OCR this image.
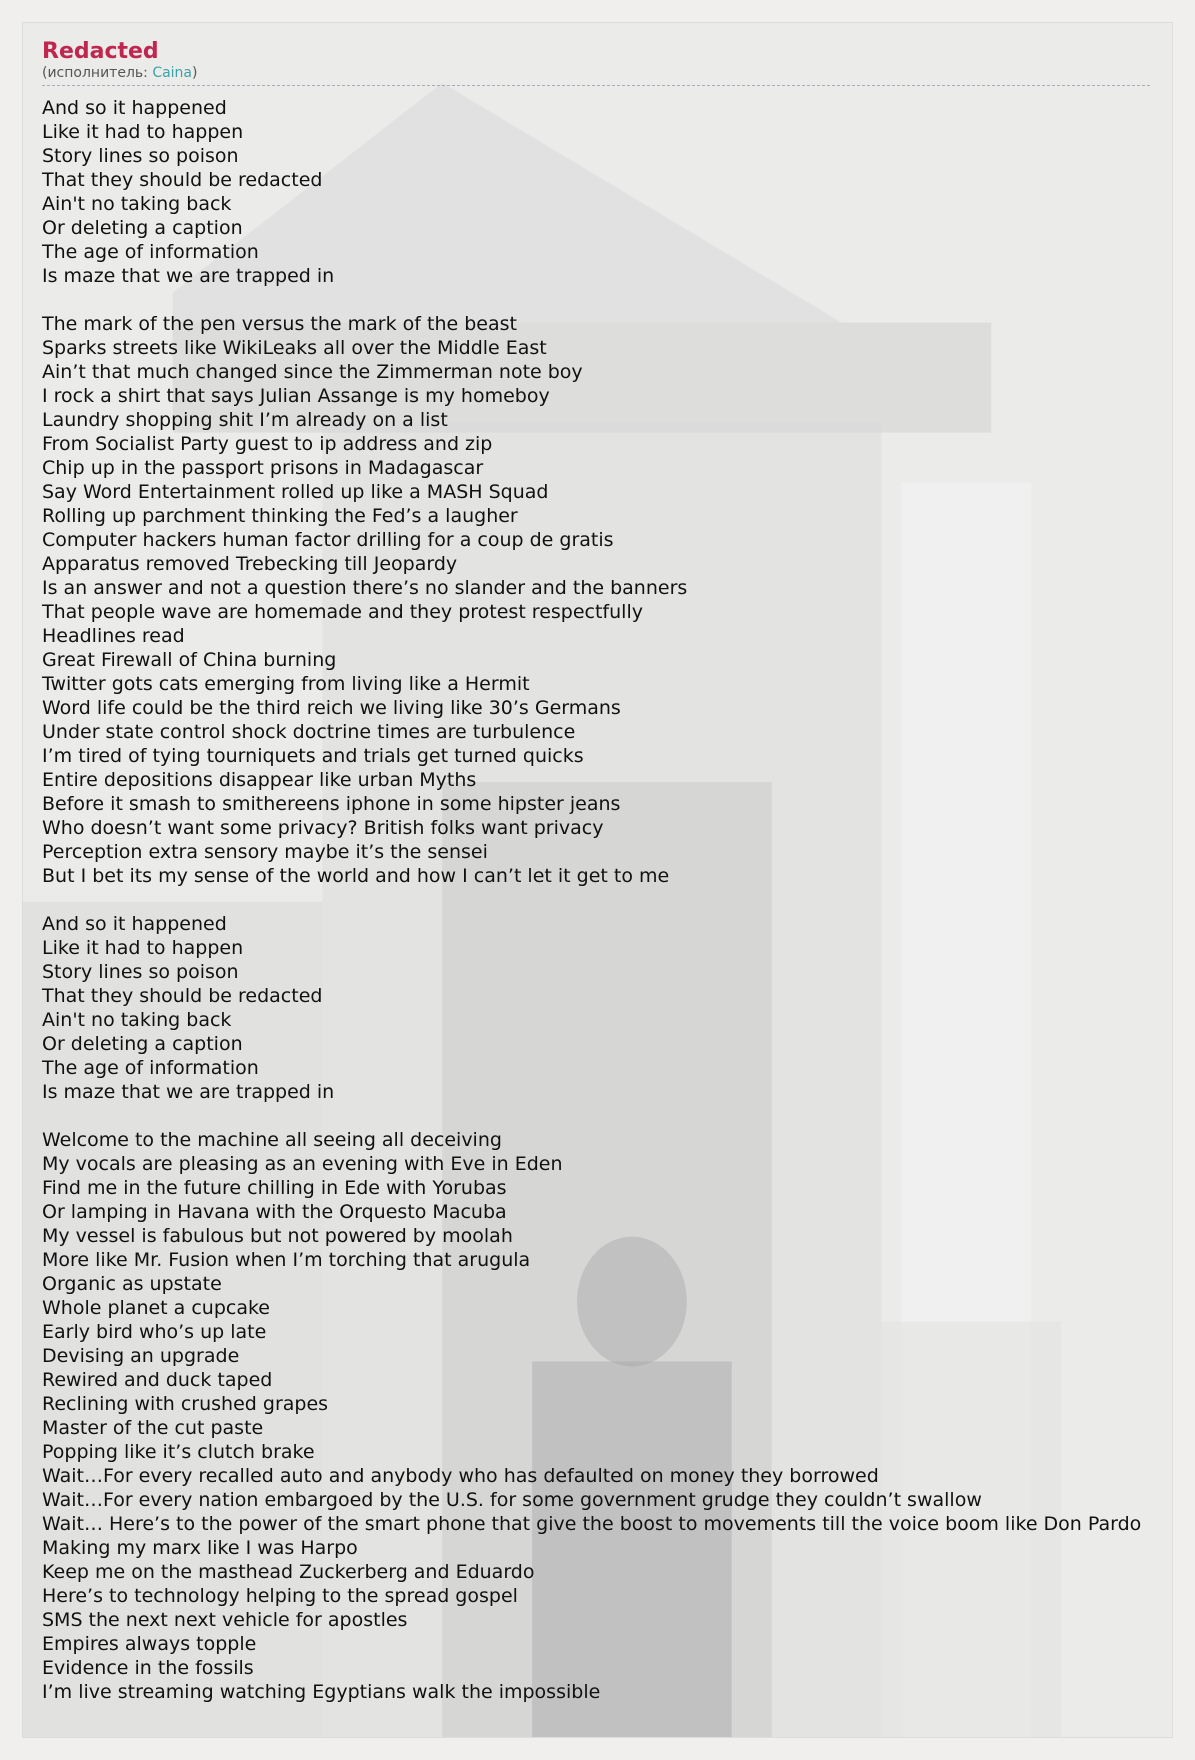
Redacted
(исполнитель: Caina)
And so it happened
Like it had to happen
Story lines so poison
That they should be redacted
Ain't no taking back
Or deleting a caption
The age of information
Is maze that we are trapped in
The mark of the pen versus the mark of the beast
Sparks streets like WikiLeaks all over the Middle East
Ain’t that much changed since the Zimmerman note boy
I rock a shirt that says Julian Assange is my homeboy
Laundry shopping shit I’m already on a list
From Socialist Party guest to ip address and zip
Chip up in the passport prisons in Madagascar
Say Word Entertainment rolled up like a MASH Squad
Rolling up parchment thinking the Fed’s a laugher
Computer hackers human factor drilling for a coup de gratis
Apparatus removed Trebecking till Jeopardy
Is an answer and not a question there’s no slander and the banners
That people wave are homemade and they protest respectfully
Headlines read
Great Firewall of China burning
Twitter gots cats emerging from living like a Hermit
Word life could be the third reich we living like 30’s Germans
Under state control shock doctrine times are turbulence
I’m tired of tying tourniquets and trials get turned quicks
Entire depositions disappear like urban Myths
Before it smash to smithereens iphone in some hipster jeans
Who doesn’t want some privacy? British folks want privacy
Perception extra sensory maybe it’s the sensei
But I bet its my sense of the world and how I can’t let it get to me
And so it happened
Like it had to happen
Story lines so poison
That they should be redacted
Ain't no taking back
Or deleting a caption
The age of information
Is maze that we are trapped in
Welcome to the machine all seeing all deceiving
My vocals are pleasing as an evening with Eve in Eden
Find me in the future chilling in Ede with Yorubas
Or lamping in Havana with the Orquesto Macuba
My vessel is fabulous but not powered by moolah
More like Mr. Fusion when I’m torching that arugula
Organic as upstate
Whole planet a cupcake
Early bird who’s up late
Devising an upgrade
Rewired and duck taped
Reclining with crushed grapes
Master of the cut paste
Popping like it’s clutch brake
Wait…For every recalled auto and anybody who has defaulted on money they borrowed
Wait…For every nation embargoed by the U.S. for some government grudge they couldn’t swallow
Wait… Here’s to the power of the smart phone that give the boost to movements till the voice boom like Don Pardo
Making my marx like I was Harpo
Keep me on the masthead Zuckerberg and Eduardo
Here’s to technology helping to the spread gospel
SMS the next next vehicle for apostles
Empires always topple
Evidence in the fossils
I’m live streaming watching Egyptians walk the impossible
